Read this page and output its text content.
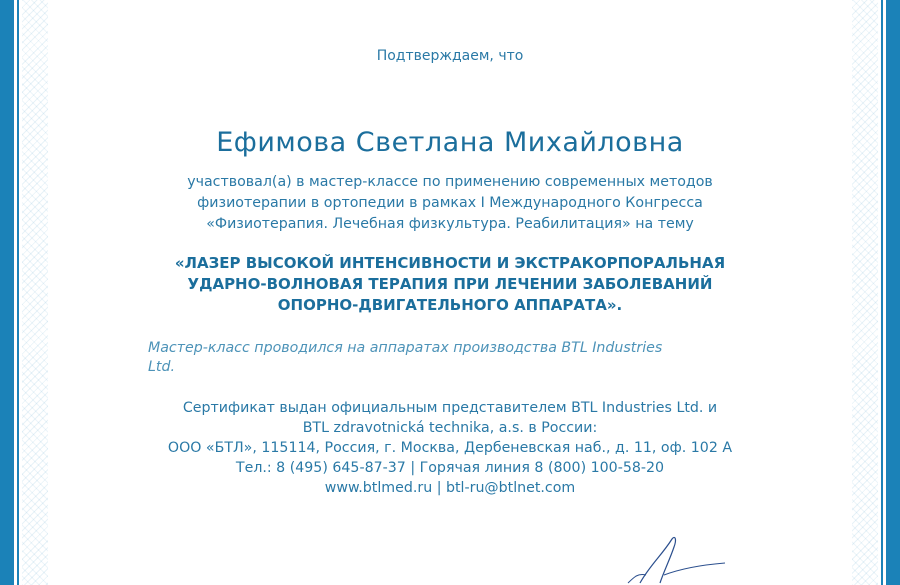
Подтверждаем, что
Ефимова Светлана Михайловна
участвовал(а) в мастер-классе по применению современных методов
физиотерапии в ортопедии в рамках I Международного Конгресса
«Физиотерапия. Лечебная физкультура. Реабилитация» на тему
«ЛАЗЕР ВЫСОКОЙ ИНТЕНСИВНОСТИ И ЭКСТРАКОРПОРАЛЬНАЯ
УДАРНО-ВОЛНОВАЯ ТЕРАПИЯ ПРИ ЛЕЧЕНИИ ЗАБОЛЕВАНИЙ
ОПОРНО-ДВИГАТЕЛЬНОГО АППАРАТА».
Мастер-класс проводился на аппаратах производства BTL Industries
Ltd.
Сертификат выдан официальным представителем BTL Industries Ltd. и
BTL zdravotnická technika, a.s. в России:
ООО «БТЛ», 115114, Россия, г. Москва, Дербеневская наб., д. 11, оф. 102 А
Тел.: 8 (495) 645-87-37 | Горячая линия 8 (800) 100-58-20
www.btlmed.ru | btl-ru@btlnet.com
